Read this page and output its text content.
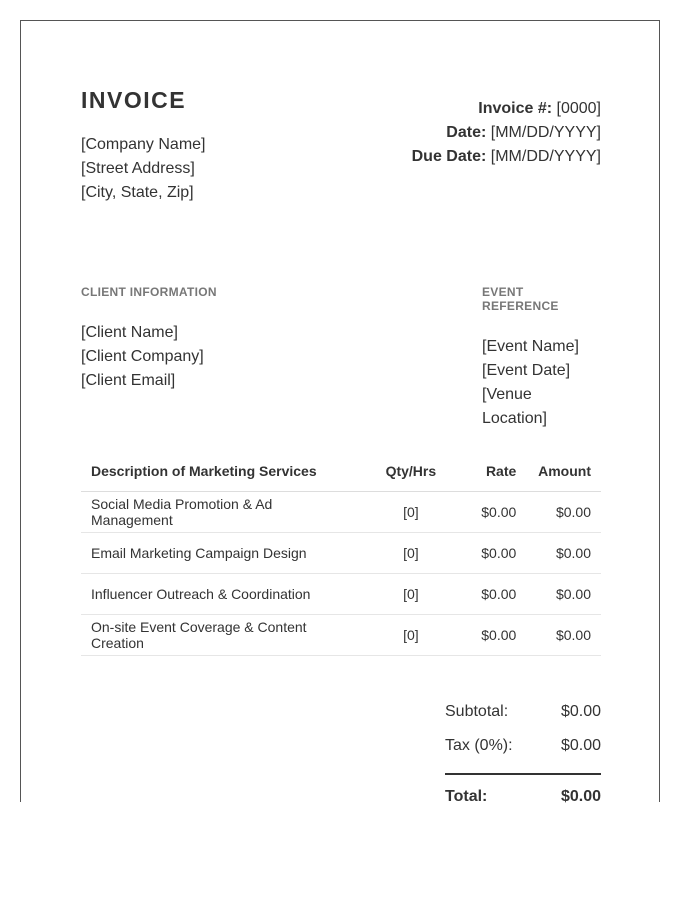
INVOICE
[Company Name]
[Street Address]
[City, State, Zip]
Invoice #: [0000]
Date: [MM/DD/YYYY]
Due Date: [MM/DD/YYYY]
CLIENT INFORMATION
[Client Name]
[Client Company]
[Client Email]
EVENT REFERENCE
[Event Name]
[Event Date]
[Venue Location]
Description of Marketing Services	Qty/Hrs	Rate	Amount
Social Media Promotion & Ad Management	[0]	$0.00	$0.00
Email Marketing Campaign Design	[0]	$0.00	$0.00
Influencer Outreach & Coordination	[0]	$0.00	$0.00
On-site Event Coverage & Content Creation	[0]	$0.00	$0.00
Subtotal:	$0.00
Tax (0%):	$0.00
Total:	$0.00
